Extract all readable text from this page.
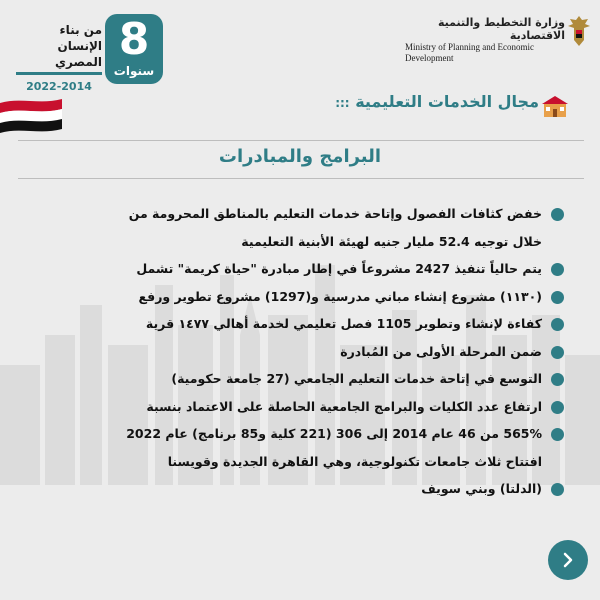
وزارة التخطيط والتنمية الاقتصادية
Ministry of Planning and Economic
Development
8
سنوات
من بناء الإنسان
المصري
2022-2014
مجال الخدمات التعليمية :::
البرامج والمبادرات
خفض كثافات الفصول وإتاحة خدمات التعليم بالمناطق المحرومة من
خلال توجيه 52.4 مليار جنيه لهيئة الأبنية التعليمية
يتم حالياً تنفيذ 2427 مشروعاً في إطار مبادرة "حياة كريمة" تشمل
(١١٣٠) مشروع إنشاء مباني مدرسية و(1297) مشروع تطوير ورفع
كفاءة لإنشاء وتطوير 1105 فصل تعليمي لخدمة أهالي ١٤٧٧ قرية
ضمن المرحلة الأولى من المُبادرة
التوسع في إتاحة خدمات التعليم الجامعي (27 جامعة حكومية)
ارتفاع عدد الكليات والبرامج الجامعية الحاصلة على الاعتماد بنسبة
565% من 46 عام 2014 إلى 306 (221 كلية و85 برنامج) عام 2022
افتتاح ثلاث جامعات تكنولوجية، وهي القاهرة الجديدة وقويسنا
(الدلتا) وبني سويف
